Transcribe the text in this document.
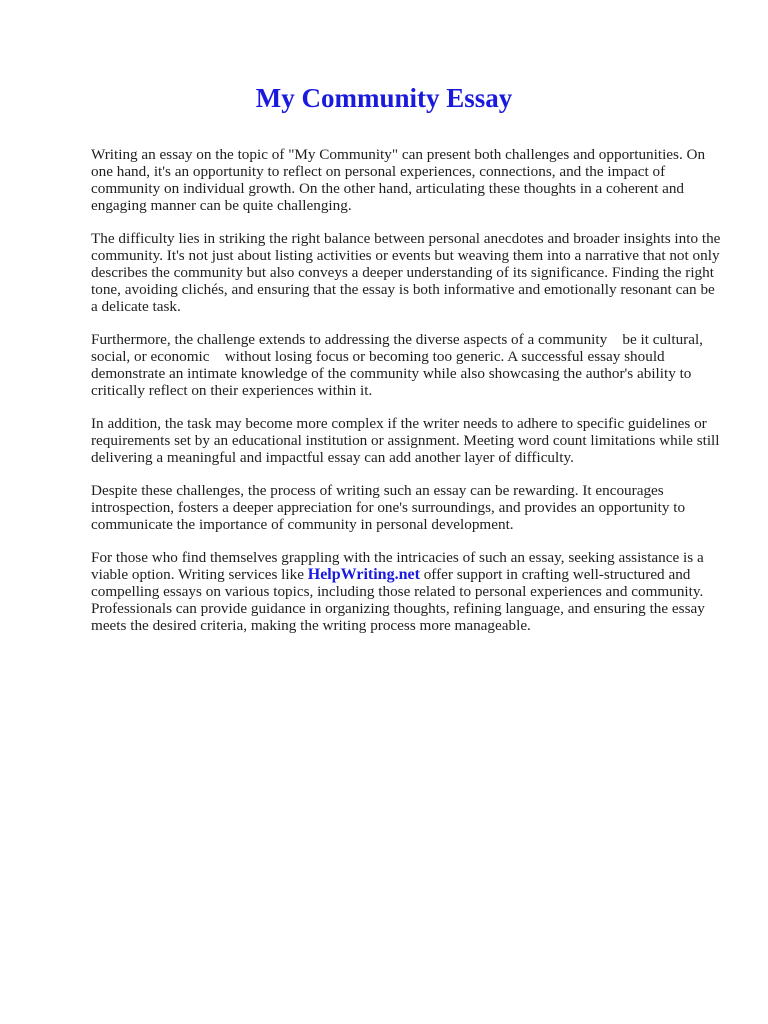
My Community Essay

Writing an essay on the topic of "My Community" can present both challenges and opportunities. On one hand, it's an opportunity to reflect on personal experiences, connections, and the impact of community on individual growth. On the other hand, articulating these thoughts in a coherent and engaging manner can be quite challenging.

The difficulty lies in striking the right balance between personal anecdotes and broader insights into the community. It's not just about listing activities or events but weaving them into a narrative that not only describes the community but also conveys a deeper understanding of its significance. Finding the right tone, avoiding clichés, and ensuring that the essay is both informative and emotionally resonant can be a delicate task.

Furthermore, the challenge extends to addressing the diverse aspects of a community be it cultural, social, or economic without losing focus or becoming too generic. A successful essay should demonstrate an intimate knowledge of the community while also showcasing the author's ability to critically reflect on their experiences within it.

In addition, the task may become more complex if the writer needs to adhere to specific guidelines or requirements set by an educational institution or assignment. Meeting word count limitations while still delivering a meaningful and impactful essay can add another layer of difficulty.

Despite these challenges, the process of writing such an essay can be rewarding. It encourages introspection, fosters a deeper appreciation for one's surroundings, and provides an opportunity to communicate the importance of community in personal development.

For those who find themselves grappling with the intricacies of such an essay, seeking assistance is a viable option. Writing services like HelpWriting.net offer support in crafting well-structured and compelling essays on various topics, including those related to personal experiences and community. Professionals can provide guidance in organizing thoughts, refining language, and ensuring the essay meets the desired criteria, making the writing process more manageable.
